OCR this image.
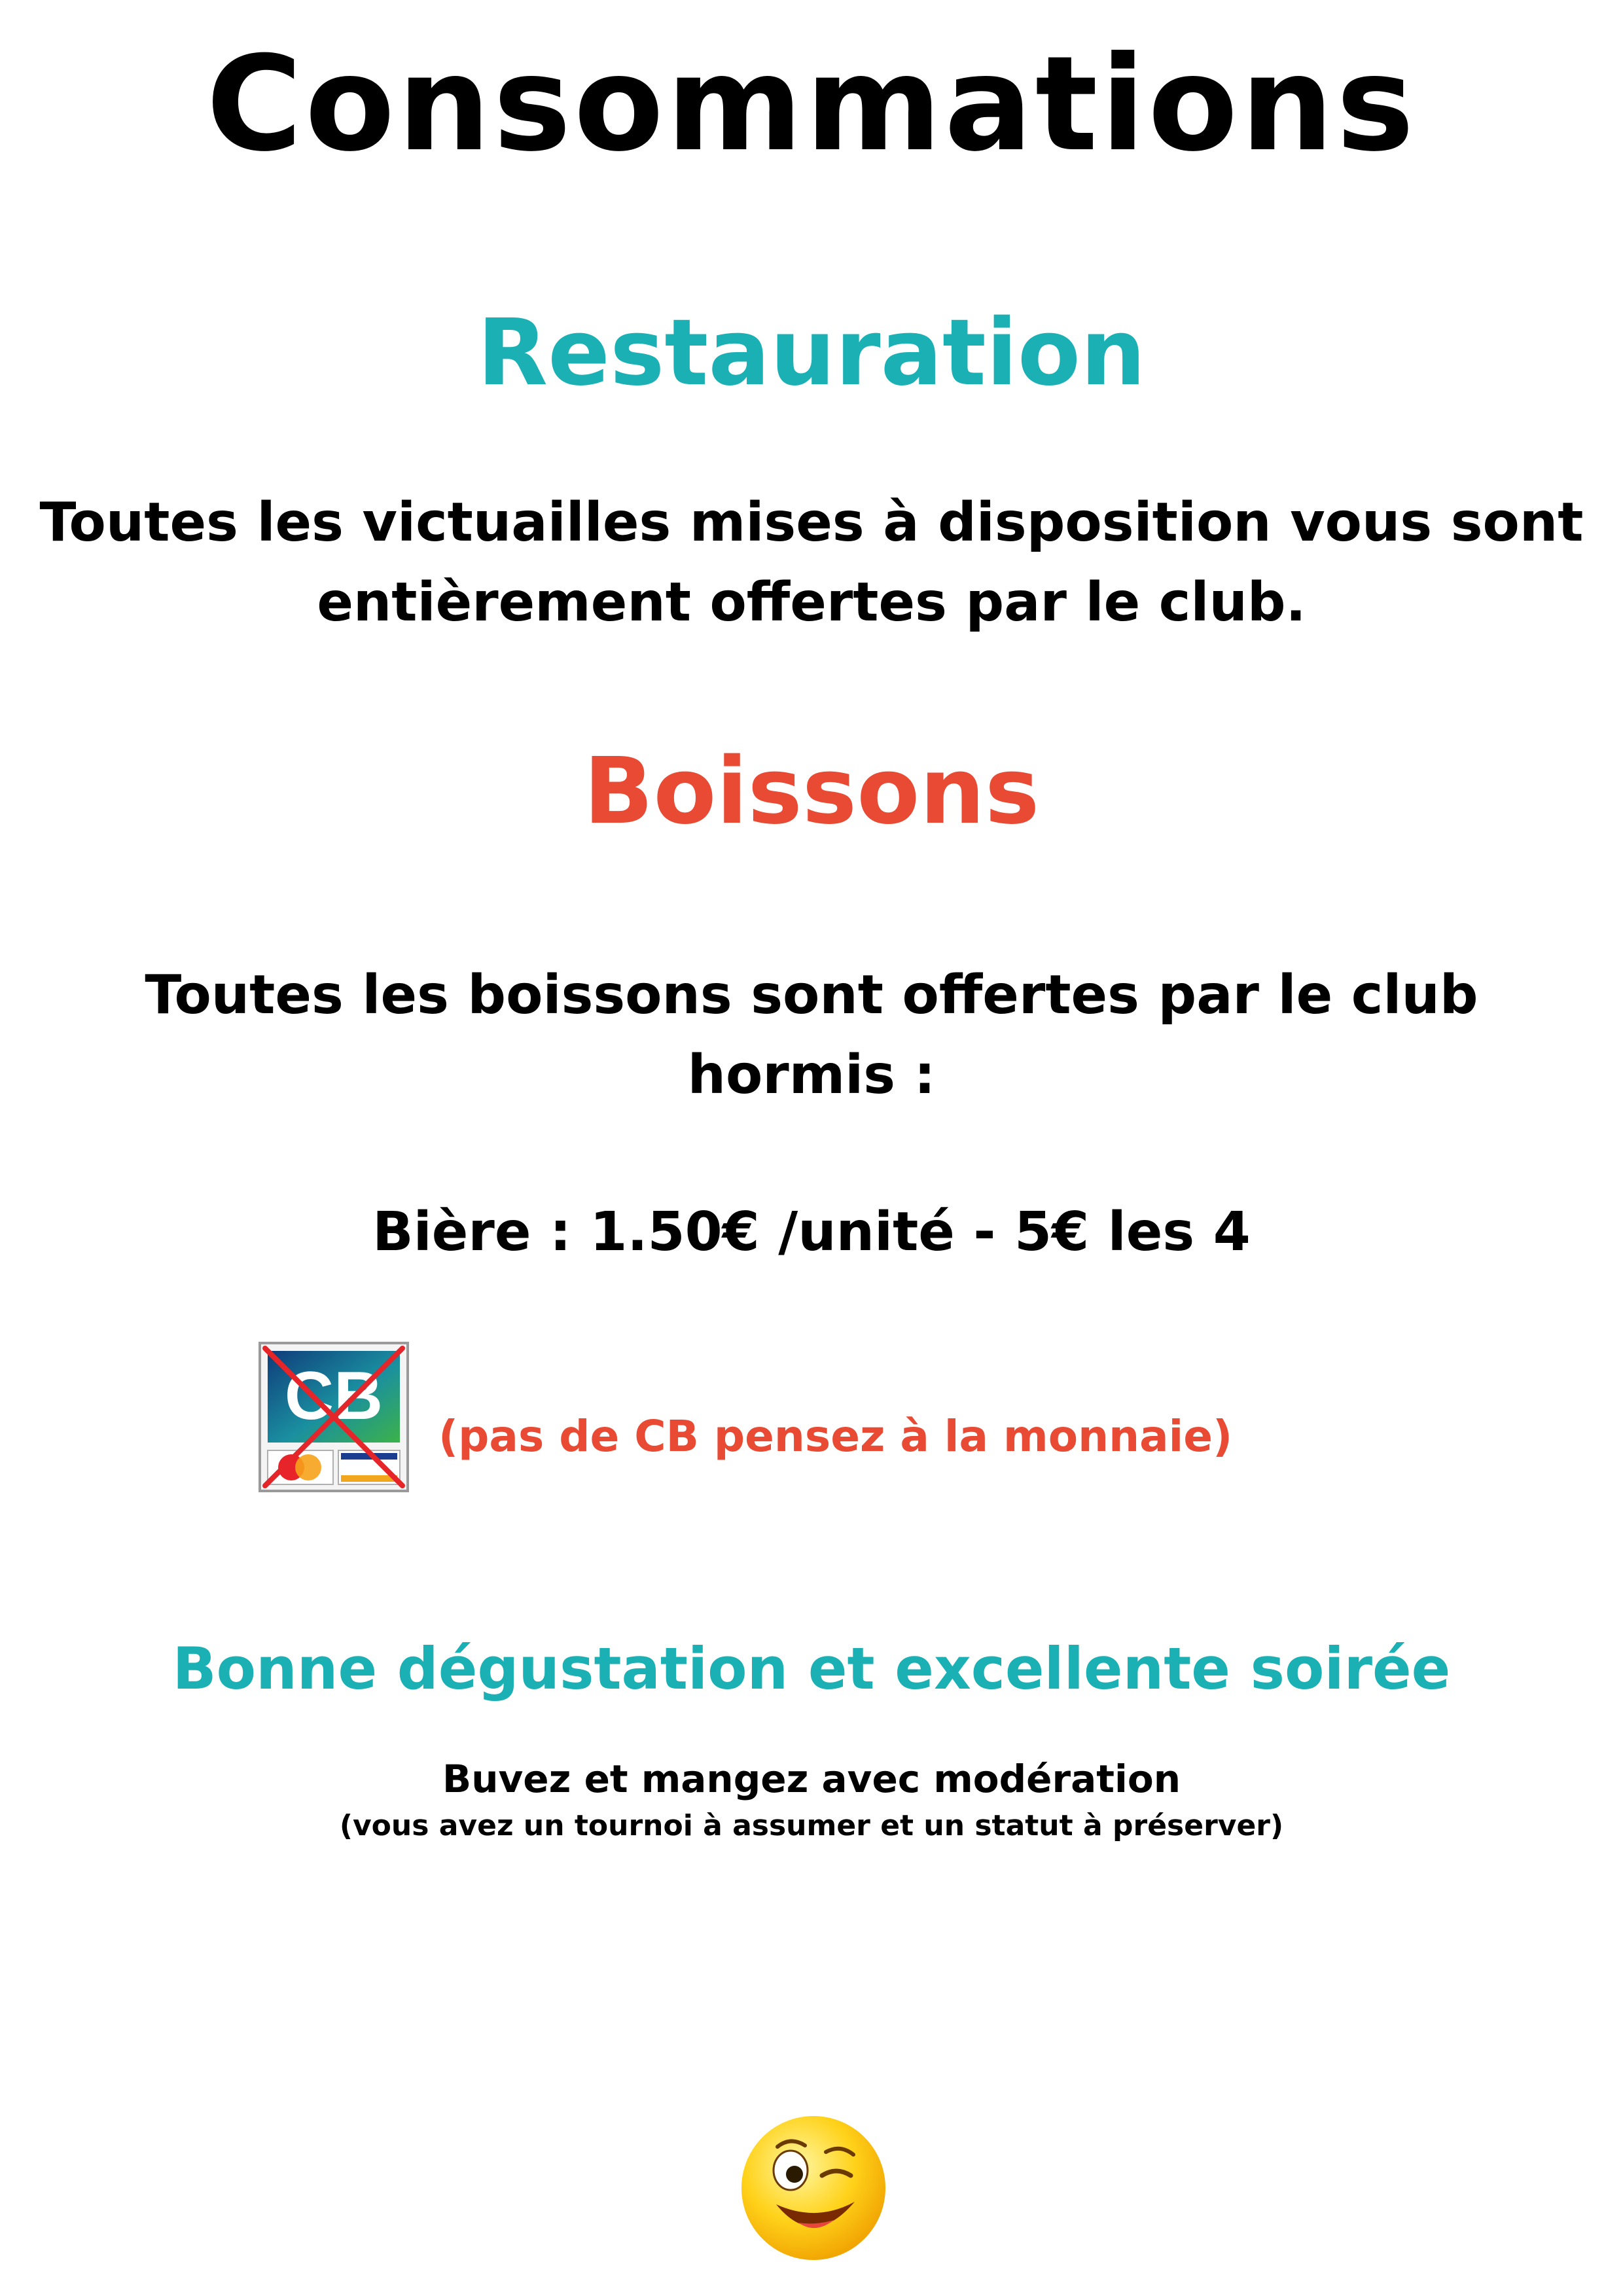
Consommations
Restauration
Toutes les victuailles mises à disposition vous sont
entièrement offertes par le club.
Boissons
Toutes les boissons sont offertes par le club
hormis :
Bière : 1.50€ /unité - 5€ les 4
CB
(pas de CB pensez à la monnaie)
Bonne dégustation et excellente soirée
Buvez et mangez avec modération
(vous avez un tournoi à assumer et un statut à préserver)
